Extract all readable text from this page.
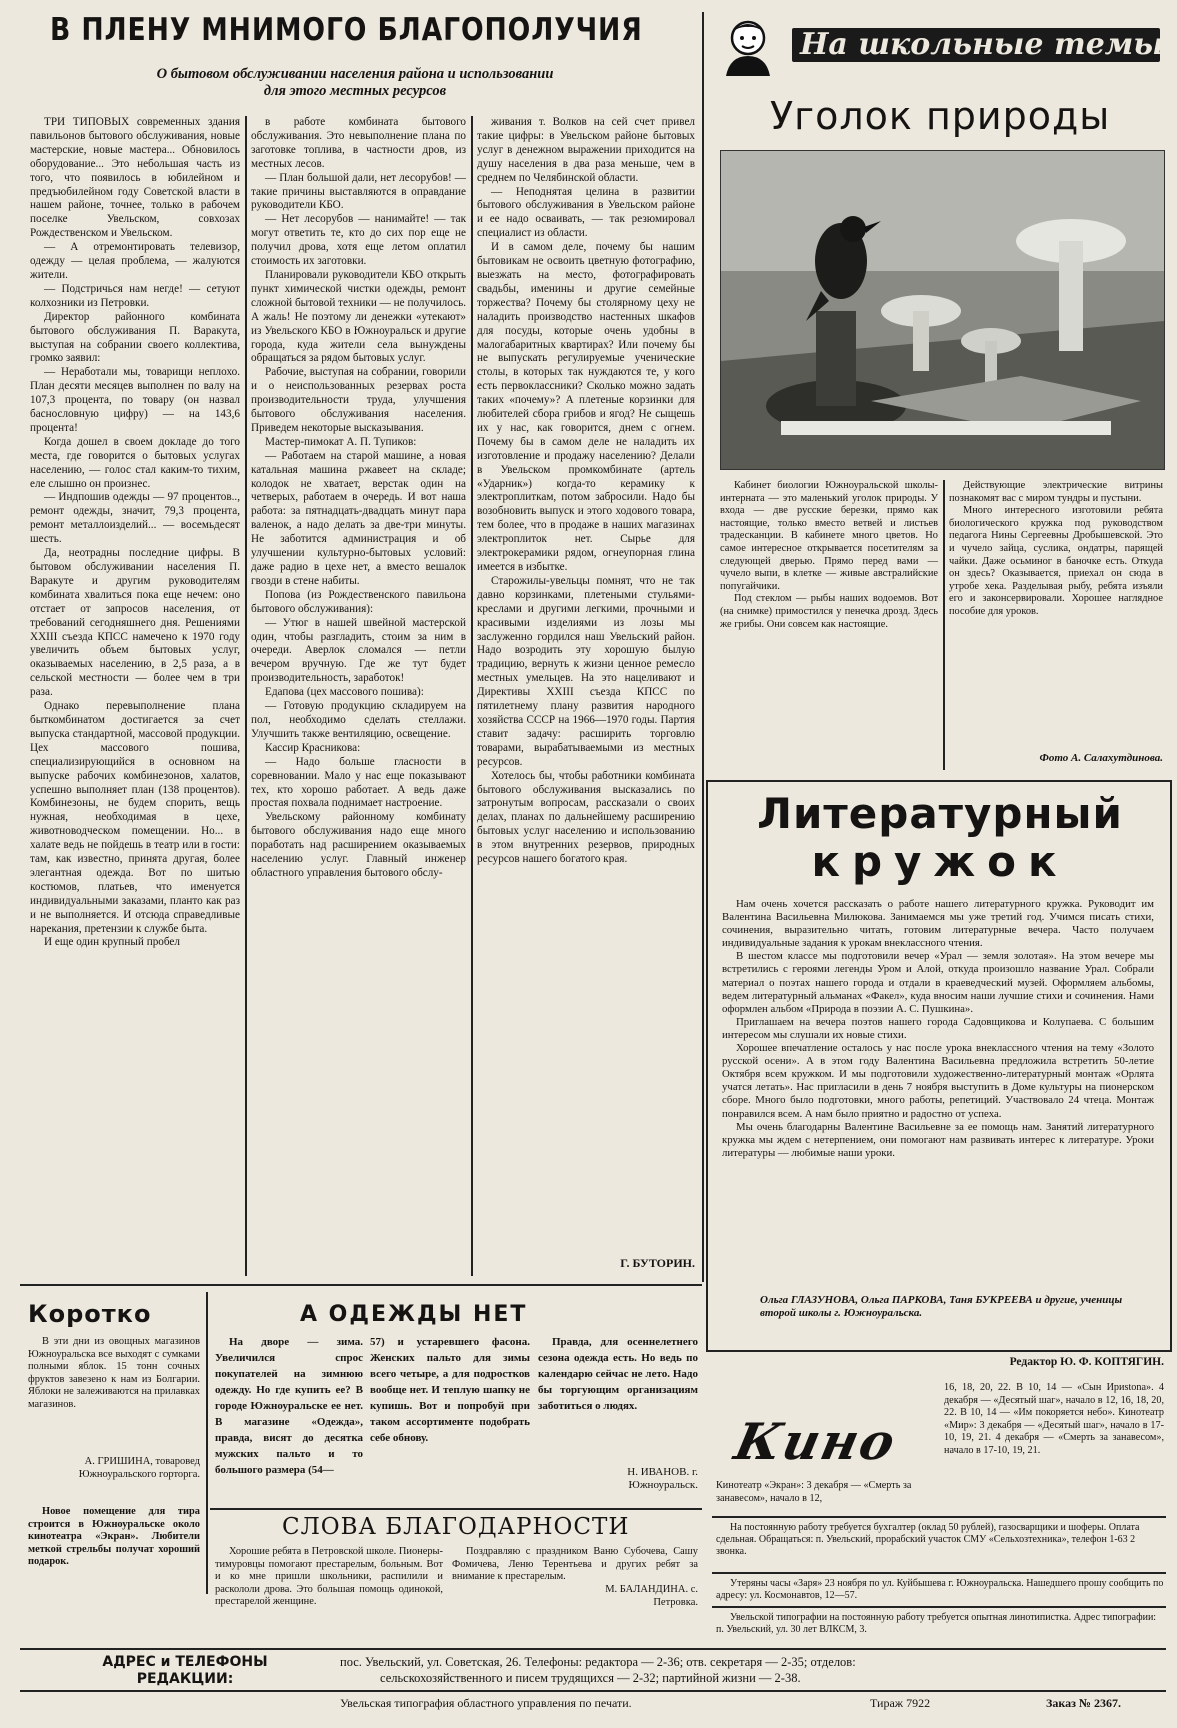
В ПЛЕНУ МНИМОГО БЛАГОПОЛУЧИЯ
О бытовом обслуживании населения района и использовании
для этого местных ресурсов

ТРИ ТИПОВЫХ современных здания павильонов бытового обслуживания, новые мастерские, новые мастера... Обновилось оборудование... Это небольшая часть из того, что появилось в юбилейном и предъюбилейном году Советской власти в нашем районе, точнее, только в рабочем поселке Увельском, совхозах Рождественском и Увельском.

— А отремонтировать телевизор, одежду — целая проблема, — жалуются жители.

— Подстричься нам негде! — сетуют колхозники из Петровки.

Директор районного комбината бытового обслуживания П. Варакута, выступая на собрании своего коллектива, громко заявил:

— Неработали мы, товарищи неплохо. План десяти месяцев выполнен по валу на 107,3 процента, по товару (он назвал баснословную цифру) — на 143,6 процента!

Когда дошел в своем докладе до того места, где говорится о бытовых услугах населению, — голос стал каким-то тихим, еле слышно он произнес.

— Индпошив одежды — 97 процентов.., ремонт одежды, значит, 79,3 процента, ремонт металлоизделий... — восемьдесят шесть.

Да, неотрадны последние цифры. В бытовом обслуживании населения П. Варакуте и другим руководителям комбината хвалиться пока еще нечем: оно отстает от запросов населения, от требований сегодняшнего дня. Решениями XXIII съезда КПСС намечено к 1970 году увеличить объем бытовых услуг, оказываемых населению, в 2,5 раза, а в сельской местности — более чем в три раза.

Однако перевыполнение плана быткомбинатом достигается за счет выпуска стандартной, массовой продукции. Цех массового пошива, специализирующийся в основном на выпуске рабочих комбинезонов, халатов, успешно выполняет план (138 процентов). Комбинезоны, не будем спорить, вещь нужная, необходимая в цехе, животноводческом помещении. Но... в халате ведь не пойдешь в театр или в гости: там, как известно, принята другая, более элегантная одежда. Вот по шитью костюмов, платьев, что именуется индивидуальными заказами, планто как раз и не выполняется. И отсюда справедливые нарекания, претензии к службе быта.

И еще один крупный пробел

в работе комбината бытового обслуживания. Это невыполнение плана по заготовке топлива, в частности дров, из местных лесов.

— План большой дали, нет лесорубов! — такие причины выставляются в оправдание руководители КБО.

— Нет лесорубов — нанимайте! — так могут ответить те, кто до сих пор еще не получил дрова, хотя еще летом оплатил стоимость их заготовки.

Планировали руководители КБО открыть пункт химической чистки одежды, ремонт сложной бытовой техники — не получилось. А жаль! Не поэтому ли денежки «утекают» из Увельского КБО в Южноуральск и другие города, куда жители села вынуждены обращаться за рядом бытовых услуг.

Рабочие, выступая на собрании, говорили и о неиспользованных резервах роста производительности труда, улучшения бытового обслуживания населения. Приведем некоторые высказывания.

Мастер-пимокат А. П. Тупиков:

— Работаем на старой машине, а новая катальная машина ржавеет на складе; колодок не хватает, верстак один на четверых, работаем в очередь. И вот наша работа: за пятнадцать-двадцать минут пара валенок, а надо делать за две-три минуты. Не заботится администрация и об улучшении культурно-бытовых условий: даже радио в цехе нет, а вместо вешалок гвозди в стене набиты.

Попова (из Рождественского павильона бытового обслуживания):

— Утюг в нашей швейной мастерской один, чтобы разгладить, стоим за ним в очереди. Аверлок сломался — петли вечером вручную. Где же тут будет производительность, заработок!

Едапова (цех массового пошива):

— Готовую продукцию складируем на пол, необходимо сделать стеллажи. Улучшить также вентиляцию, освещение.

Кассир Красникова:

— Надо больше гласности в соревновании. Мало у нас еще показывают тех, кто хорошо работает. А ведь даже простая похвала поднимает настроение.

Увельскому районному комбинату бытового обслуживания надо еще много поработать над расширением оказываемых населению услуг. Главный инженер областного управления бытового обслу-

живания т. Волков на сей счет привел такие цифры: в Увельском районе бытовых услуг в денежном выражении приходится на душу населения в два раза меньше, чем в среднем по Челябинской области.

— Неподнятая целина в развитии бытового обслуживания в Увельском районе и ее надо осваивать, — так резюмировал специалист из области.

И в самом деле, почему бы нашим бытовикам не освоить цветную фотографию, выезжать на место, фотографировать свадьбы, именины и другие семейные торжества? Почему бы столярному цеху не наладить производство настенных шкафов для посуды, которые очень удобны в малогабаритных квартирах? Или почему бы не выпускать регулируемые ученические столы, в которых так нуждаются те, у кого есть первоклассники? Сколько можно задать таких «почему»? А плетеные корзинки для любителей сбора грибов и ягод? Не сыщешь их у нас, как говорится, днем с огнем. Почему бы в самом деле не наладить их изготовление и продажу населению? Делали в Увельском промкомбинате (артель «Ударник») когда-то керамику к электроплиткам, потом забросили. Надо бы возобновить выпуск и этого ходового товара, тем более, что в продаже в наших магазинах электроплиток нет. Сырье для электрокерамики рядом, огнеупорная глина имеется в избытке.

Старожилы-увельцы помнят, что не так давно корзинками, плетеными стульями-креслами и другими легкими, прочными и красивыми изделиями из лозы мы заслуженно гордился наш Увельский район. Надо возродить эту хорошую былую традицию, вернуть к жизни ценное ремесло местных умельцев. На это нацеливают и Директивы XXIII съезда КПСС по пятилетнему плану развития народного хозяйства СССР на 1966—1970 годы. Партия ставит задачу: расширить торговлю товарами, вырабатываемыми из местных ресурсов.

Хотелось бы, чтобы работники комбината бытового обслуживания высказались по затронутым вопросам, рассказали о своих делах, планах по дальнейшему расширению бытовых услуг населению и использованию в этом внутренних резервов, природных ресурсов нашего богатого края.

Г. БУТОРИН.
На школьные темы
Уголок природы

Кабинет биологии Южноуральской школы-интерната — это маленький уголок природы. У входа — две русские березки, прямо как настоящие, только вместо ветвей и листьев традесканции. В кабинете много цветов. Но самое интересное открывается посетителям за следующей дверью. Прямо перед вами — чучело выпи, в клетке — живые австралийские попугайчики.

Под стеклом — рыбы наших водоемов. Вот (на снимке) примостился у пенечка дрозд. Здесь же грибы. Они совсем как настоящие.

Действующие электрические витрины познакомят вас с миром тундры и пустыни.

Много интересного изготовили ребята биологического кружка под руководством педагога Нины Сергеевны Дробышевской. Это и чучело зайца, суслика, ондатры, парящей чайки. Даже осьминог в баночке есть. Откуда он здесь? Оказывается, приехал он сюда в утробе хека. Разделывая рыбу, ребята изъяли его и законсервировали. Хорошее наглядное пособие для уроков.

Фото А. Салахутдинова.
Литературный
кружок

Нам очень хочется рассказать о работе нашего литературного кружка. Руководит им Валентина Васильевна Милюкова. Занимаемся мы уже третий год. Учимся писать стихи, сочинения, выразительно читать, готовим литературные вечера. Часто получаем индивидуальные задания к урокам внеклассного чтения.

В шестом классе мы подготовили вечер «Урал — земля золотая». На этом вечере мы встретились с героями легенды Уром и Алой, откуда произошло название Урал. Собрали материал о поэтах нашего города и отдали в краеведческий музей. Оформляем альбомы, ведем литературный альманах «Факел», куда вносим наши лучшие стихи и сочинения. Нами оформлен альбом «Природа в поэзии А. С. Пушкина».

Приглашаем на вечера поэтов нашего города Садовщикова и Колупаева. С большим интересом мы слушали их новые стихи.

Хорошее впечатление осталось у нас после урока внеклассного чтения на тему «Золото русской осени». А в этом году Валентина Васильевна предложила встретить 50-летие Октября всем кружком. И мы подготовили художественно-литературный монтаж «Орлята учатся летать». Нас пригласили в день 7 ноября выступить в Доме культуры на пионерском сборе. Много было подготовки, много работы, репетиций. Участвовало 24 чтеца. Монтаж понравился всем. А нам было приятно и радостно от успеха.

Мы очень благодарны Валентине Васильевне за ее помощь нам. Занятий литературного кружка мы ждем с нетерпением, они помогают нам развивать интерес к литературе. Уроки литературы — любимые наши уроки.

Ольга ГЛАЗУНОВА, Ольга ПАРКОВА, Таня БУКРЕЕВА и другие, ученицы второй школы г. Южноуральска.
Редактор Ю. Ф. КОПТЯГИН.
Коротко

В эти дни из овощных магазинов Южноуральска все выходят с сумками полными яблок. 15 тонн сочных фруктов завезено к нам из Болгарии. Яблоки не залеживаются на прилавках магазинов.

А. ГРИШИНА, товаровед Южноуральского горторга.

Новое помещение для тира строится в Южноуральске около кинотеатра «Экран». Любители меткой стрельбы получат хороший подарок.

А ОДЕЖДЫ НЕТ

На дворе — зима. Увеличился спрос покупателей на зимнюю одежду. Но где купить ее? В городе Южноуральске ее нет. В магазине «Одежда», правда, висят до десятка мужских пальто и то большого размера (54—

57) и устаревшего фасона. Женских пальто для зимы всего четыре, а для подростков вообще нет. И теплую шапку не купишь. Вот и попробуй при таком ассортименте подобрать себе обнову.

Правда, для осеннелетнего сезона одежда есть. Но ведь по календарю сейчас не лето. Надо бы торгующим организациям заботиться о людях.

Н. ИВАНОВ. г. Южноуральск.
СЛОВА БЛАГОДАРНОСТИ

Хорошие ребята в Петровской школе. Пионеры-тимуровцы помогают престарелым, больным. Вот и ко мне пришли школьники, распилили и раскололи дрова. Это большая помощь одинокой, престарелой женщине.

Поздравляю с праздником Ваню Субочева, Сашу Фомичева, Леню Терентьева и других ребят за внимание к престарелым.

М. БАЛАНДИНА. с. Петровка.
Кино
Кинотеатр «Экран»: 3 декабря — «Смерть за занавесом», начало в 12,
16, 18, 20, 22. В 10, 14 — «Сын Ириstona». 4 декабря — «Десятый шаг», начало в 12, 16, 18, 20, 22. В 10, 14 — «Им покоряется небо». Кинотеатр «Мир»: 3 декабря — «Десятый шаг», начало в 17-10, 19, 21. 4 декабря — «Смерть за занавесом», начало в 17-10, 19, 21.
На постоянную работу требуется бухгалтер (оклад 50 рублей), газосварщики и шоферы. Оплата сдельная. Обращаться: п. Увельский, прорабский участок СМУ «Сельхозтехника», телефон 1-63 2 звонка.
Утеряны часы «Заря» 23 ноября по ул. Куйбышева г. Южноуральска. Нашедшего прошу сообщить по адресу: ул. Космонавтов, 12—57.
Увельской типографии на постоянную работу требуется опытная линотипистка. Адрес типографии: п. Увельский, ул. 30 лет ВЛКСМ, 3.
АДРЕС и ТЕЛЕФОНЫ
РЕДАКЦИИ:
пос. Увельский, ул. Советская, 26. Телефоны: редактора — 2-36; отв. секретаря — 2-35; отделов:
сельскохозяйственного и писем трудящихся — 2-32; партийной жизни — 2-38.
Увельская типография областного управления по печати.	Тираж 7922	Заказ № 2367.
